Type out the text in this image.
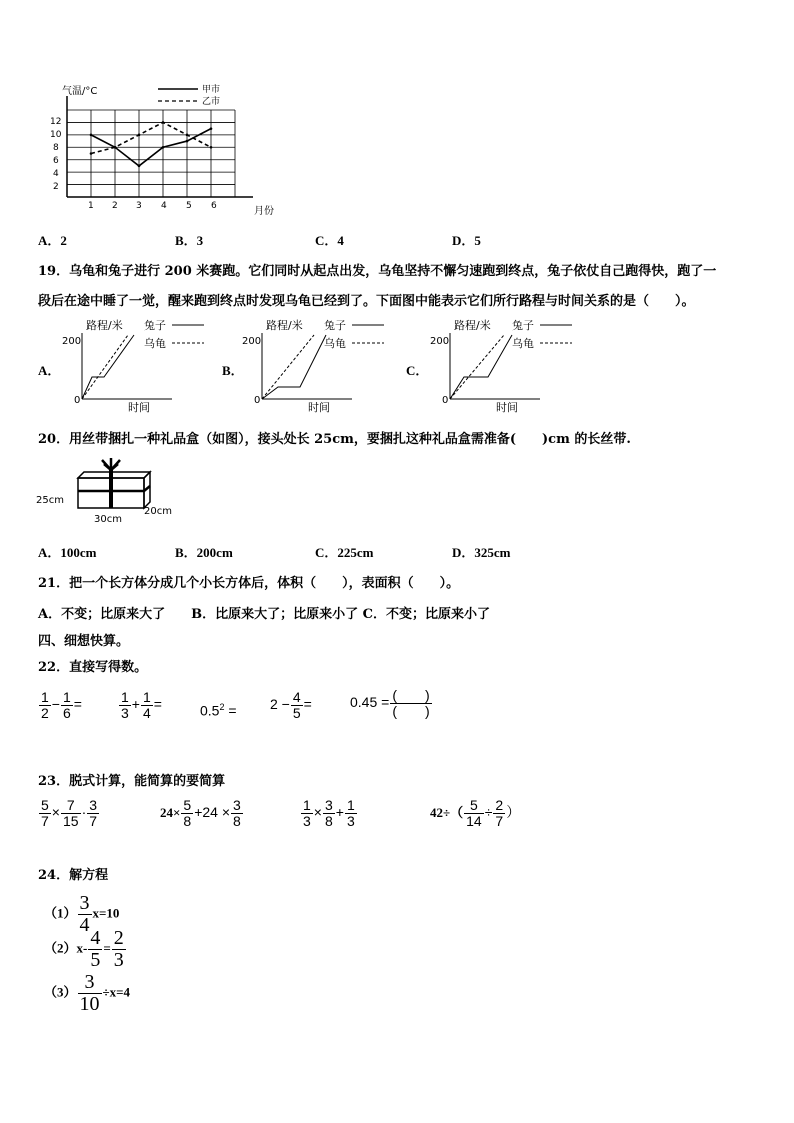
气温/°C
月份
12
10
8
6
4
2
1 2 3 4 5 6
甲市
乙市
A．2	B．3	C．4	D．5
19．乌龟和兔子进行 200 米赛跑。它们同时从起点出发，乌龟坚持不懈匀速跑到终点，兔子依仗自己跑得快，跑了一
段后在途中睡了一觉，醒来跑到终点时发现乌龟已经到了。下面图中能表示它们所行路程与时间关系的是（　　）。
A．
路程/米 兔子
乌龟
200
0
时间
B．
路程/米 兔子
乌龟
200
0
时间
C．
路程/米 兔子
乌龟
200
0
时间
20．用丝带捆扎一种礼品盒（如图），接头处长 25cm，要捆扎这种礼品盒需准备(　　)cm 的长丝带.
25cm
30cm
20cm
A．100cm	B．200cm	C．225cm	D．325cm
21．把一个长方体分成几个小长方体后，体积（　　），表面积（　　）。
A．不变；比原来大了　　B．比原来大了；比原来小了 C．不变；比原来小了
四、细想快算。
22．直接写得数。
$\frac{1}{2} - \frac{1}{6}$ =	$\frac{1}{3} + \frac{1}{4}$ =	$0.5^2 = 2 - \frac{4}{5}$ =	$0.45 = \frac{( )}{( )}$
23．脱式计算，能简算的要简算
$\frac{5}{7} \times \frac{7}{15} \cdot \frac{3}{7}$	$24\times \frac{5}{8} +24 \times \frac{3}{8}$	$\frac{1}{3} \times \frac{3}{8} + \frac{1}{3}$	$42\div( \frac{5}{14} \div \frac{2}{7}$ ）
24．解方程
$(1) \frac{3}{4} x=10$
$(2)x- \frac{4}{5} = \frac{2}{3}$
$(3) \frac{3}{10} \div x=4$
